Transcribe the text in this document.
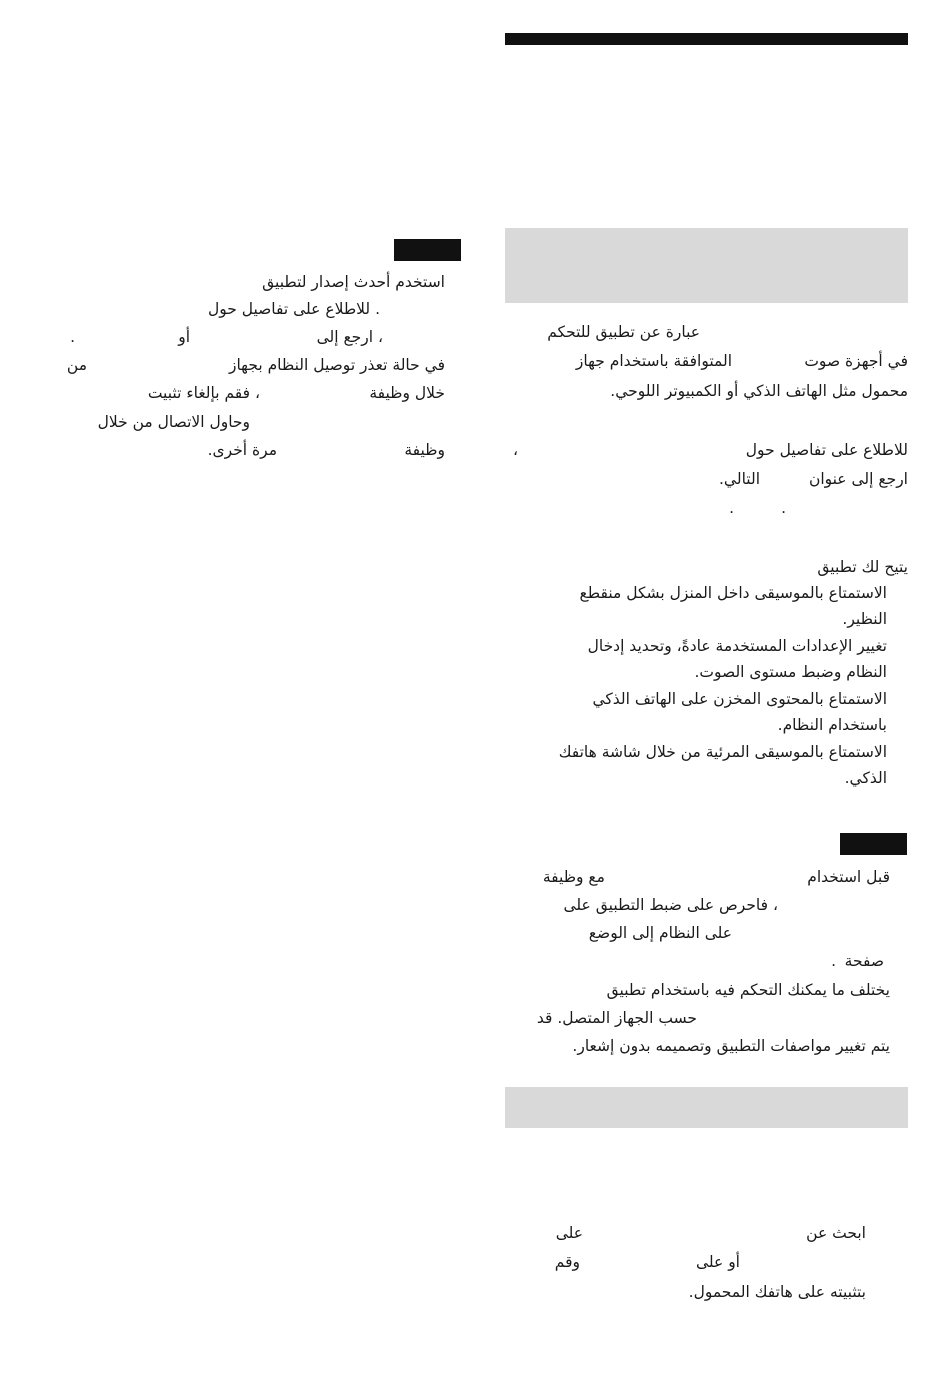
عبارة عن تطبيق للتحكم
في أجهزة صوت
المتوافقة باستخدام جهاز
محمول مثل الهاتف الذكي أو الكمبيوتر اللوحي.
للاطلاع على تفاصيل حول
،
ارجع إلى عنوان
التالي.
.
.
يتيح لك تطبيق
الاستمتاع بالموسيقى داخل المنزل بشكل منقطع
النظير.
تغيير الإعدادات المستخدمة عادةً، وتحديد إدخال
النظام وضبط مستوى الصوت.
الاستمتاع بالمحتوى المخزن على الهاتف الذكي
باستخدام النظام.
الاستمتاع بالموسيقى المرئية من خلال شاشة هاتفك
الذكي.
قبل استخدام
مع وظيفة
، فاحرص على ضبط التطبيق على
على النظام إلى الوضع
صفحة
.
يختلف ما يمكنك التحكم فيه باستخدام تطبيق
حسب الجهاز المتصل. قد
يتم تغيير مواصفات التطبيق وتصميمه بدون إشعار.
ابحث عن
على
أو على
وقم
بتثبيته على هاتفك المحمول.
استخدم أحدث إصدار لتطبيق
. للاطلاع على تفاصيل حول
، ارجع إلى
أو
.
في حالة تعذر توصيل النظام بجهاز
من
خلال وظيفة
، فقم بإلغاء تثبيت
وحاول الاتصال من خلال
وظيفة
مرة أخرى.
